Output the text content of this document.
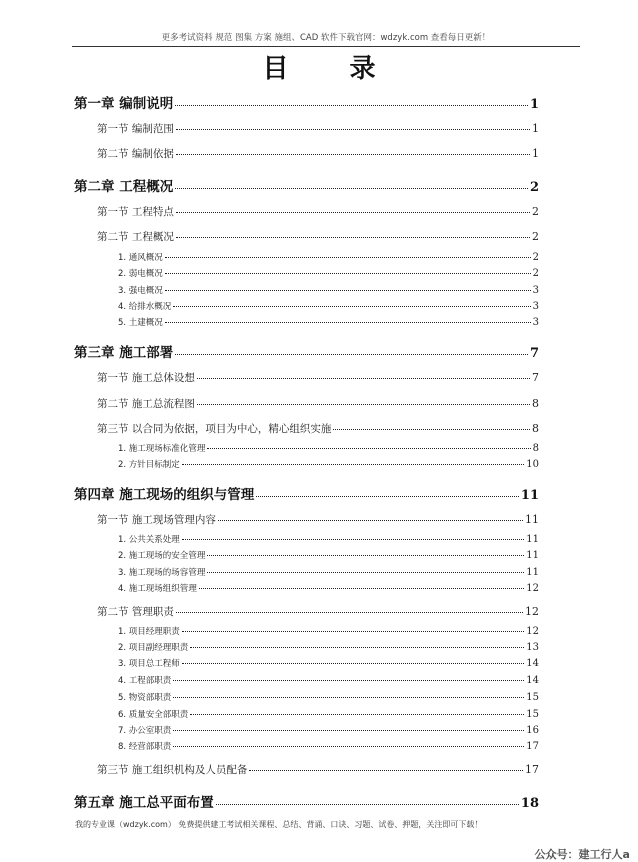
更多考试资料 规范 图集 方案 施组、CAD 软件下载官网：wdzyk.com 查看每日更新！
目 录
第一章 编制说明	1
第一节 编制范围	1
第二节 编制依据	1
第二章 工程概况	2
第一节 工程特点	2
第二节 工程概况	2
1. 通风概况	2
2. 弱电概况	2
3. 强电概况	3
4. 给排水概况	3
5. 土建概况	3
第三章 施工部署	7
第一节 施工总体设想	7
第二节 施工总流程图	8
第三节 以合同为依据，项目为中心，精心组织实施	8
1. 施工现场标准化管理	8
2. 方针目标制定	10
第四章 施工现场的组织与管理	11
第一节 施工现场管理内容	11
1. 公共关系处理	11
2. 施工现场的安全管理	11
3. 施工现场的场容管理	11
4. 施工现场组织管理	12
第二节 管理职责	12
1. 项目经理职责	12
2. 项目副经理职责	13
3. 项目总工程师	14
4. 工程部职责	14
5. 物资部职责	15
6. 质量安全部职责	15
7. 办公室职责	16
8. 经营部职责	17
第三节 施工组织机构及人员配备	17
第五章 施工总平面布置	18
我的专业课（wdzyk.com） 免费提供建工考试相关课程、总结、背诵、口诀、习题、试卷、押题，关注即可下载！
公众号：建工行人a
